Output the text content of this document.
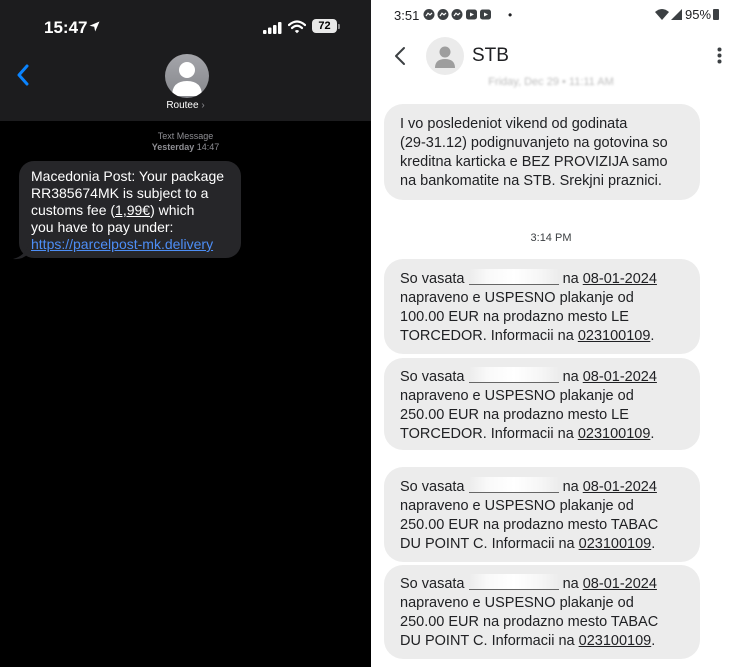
15:47	72
Routee ›
Text Message
Yesterday 14:47
Macedonia Post: Your package
RR385674MK is subject to a
customs fee (1,99€) which
you have to pay under:
https://parcelpost-mk.delivery
3:51	•	95%
STB
Friday, Dec 29 • 11:11 AM
I vo posledeniot vikend od godinata
(29-31.12) podignuvanjeto na gotovina so
kreditna karticka e BEZ PROVIZIJA samo
na bankomatite na STB. Srekjni praznici.
3:14 PM
So vasata	na 08-01-2024
napraveno e USPESNO plakanje od
100.00 EUR na prodazno mesto LE
TORCEDOR. Informacii na 023100109.
So vasata	na 08-01-2024
napraveno e USPESNO plakanje od
250.00 EUR na prodazno mesto LE
TORCEDOR. Informacii na 023100109.
So vasata	na 08-01-2024
napraveno e USPESNO plakanje od
250.00 EUR na prodazno mesto TABAC
DU POINT C. Informacii na 023100109.
So vasata	na 08-01-2024
napraveno e USPESNO plakanje od
250.00 EUR na prodazno mesto TABAC
DU POINT C. Informacii na 023100109.
